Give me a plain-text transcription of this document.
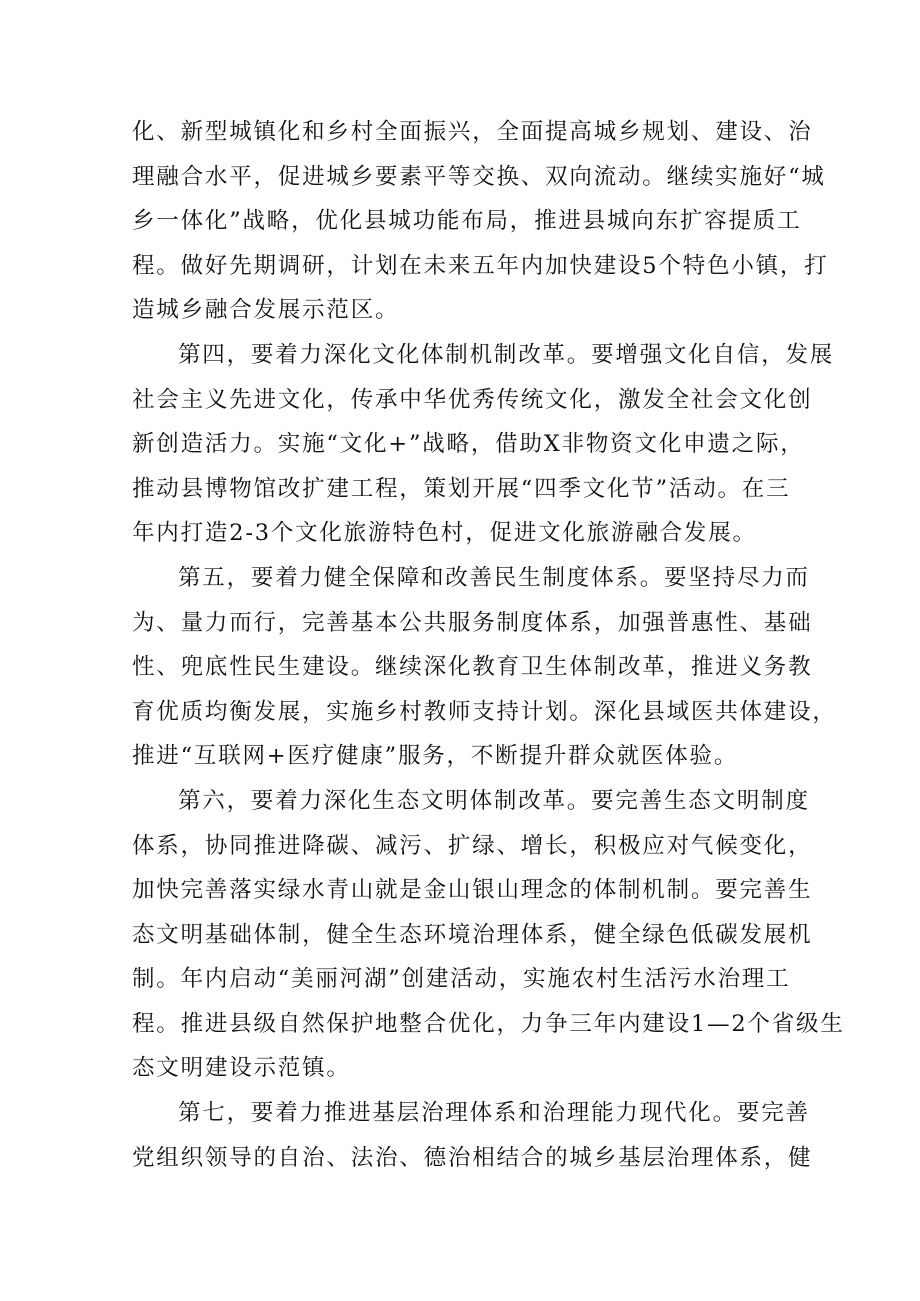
化、新型城镇化和乡村全面振兴，全面提高城乡规划、建设、治
理融合水平，促进城乡要素平等交换、双向流动。继续实施好“城
乡一体化”战略，优化县城功能布局，推进县城向东扩容提质工
程。做好先期调研，计划在未来五年内加快建设5个特色小镇，打
造城乡融合发展示范区。
第四，要着力深化文化体制机制改革。要增强文化自信，发展
社会主义先进文化，传承中华优秀传统文化，激发全社会文化创
新创造活力。实施“文化+”战略，借助X非物资文化申遗之际，
推动县博物馆改扩建工程，策划开展“四季文化节”活动。在三
年内打造2-3个文化旅游特色村，促进文化旅游融合发展。
第五，要着力健全保障和改善民生制度体系。要坚持尽力而
为、量力而行，完善基本公共服务制度体系，加强普惠性、基础
性、兜底性民生建设。继续深化教育卫生体制改革，推进义务教
育优质均衡发展，实施乡村教师支持计划。深化县域医共体建设，
推进“互联网+医疗健康”服务，不断提升群众就医体验。
第六，要着力深化生态文明体制改革。要完善生态文明制度
体系，协同推进降碳、减污、扩绿、增长，积极应对气候变化，
加快完善落实绿水青山就是金山银山理念的体制机制。要完善生
态文明基础体制，健全生态环境治理体系，健全绿色低碳发展机
制。年内启动“美丽河湖”创建活动，实施农村生活污水治理工
程。推进县级自然保护地整合优化，力争三年内建设1—2个省级生
态文明建设示范镇。
第七，要着力推进基层治理体系和治理能力现代化。要完善
党组织领导的自治、法治、德治相结合的城乡基层治理体系，健
